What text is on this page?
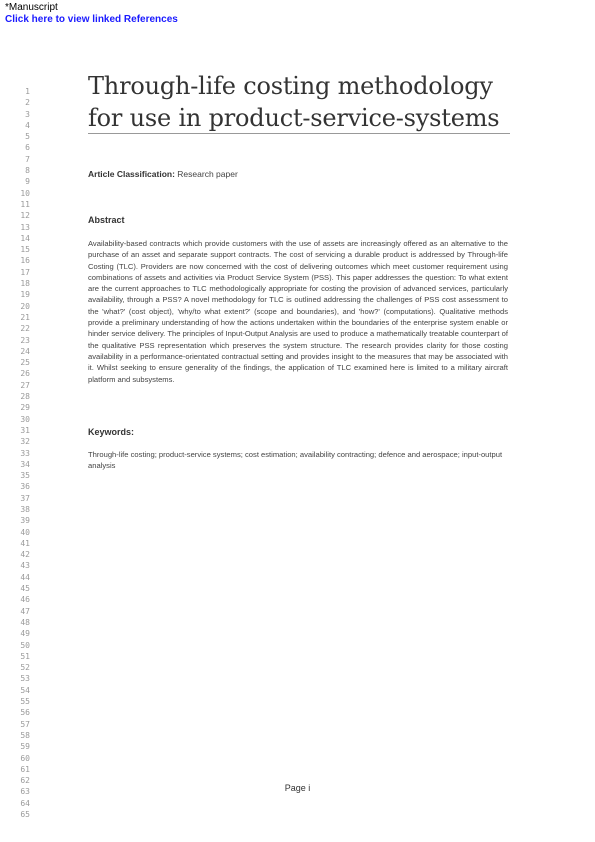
*Manuscript

Click here to view linked References
1
2
3
4
5
6
7
8
9
10
11
12
13
14
15
16
17
18
19
20
21
22
23
24
25
26
27
28
29
30
31
32
33
34
35
36
37
38
39
40
41
42
43
44
45
46
47
48
49
50
51
52
53
54
55
56
57
58
59
60
61
62
63
64
65
Through-life costing methodology for use in product-service-systems

Article Classification: Research paper

Abstract

Availability-based contracts which provide customers with the use of assets are increasingly offered as an alternative to the purchase of an asset and separate support contracts. The cost of servicing a durable product is addressed by Through-life Costing (TLC). Providers are now concerned with the cost of delivering outcomes which meet customer requirement using combinations of assets and activities via Product Service System (PSS). This paper addresses the question: To what extent are the current approaches to TLC methodologically appropriate for costing the provision of advanced services, particularly availability, through a PSS? A novel methodology for TLC is outlined addressing the challenges of PSS cost assessment to the 'what?' (cost object), 'why/to what extent?' (scope and boundaries), and 'how?' (computations). Qualitative methods provide a preliminary understanding of how the actions undertaken within the boundaries of the enterprise system enable or hinder service delivery. The principles of Input-Output Analysis are used to produce a mathematically treatable counterpart of the qualitative PSS representation which preserves the system structure. The research provides clarity for those costing availability in a performance-orientated contractual setting and provides insight to the measures that may be associated with it. Whilst seeking to ensure generality of the findings, the application of TLC examined here is limited to a military aircraft platform and subsystems.

Keywords:

Through-life costing; product-service systems; cost estimation; availability contracting; defence and aerospace; input-output analysis

Page i
